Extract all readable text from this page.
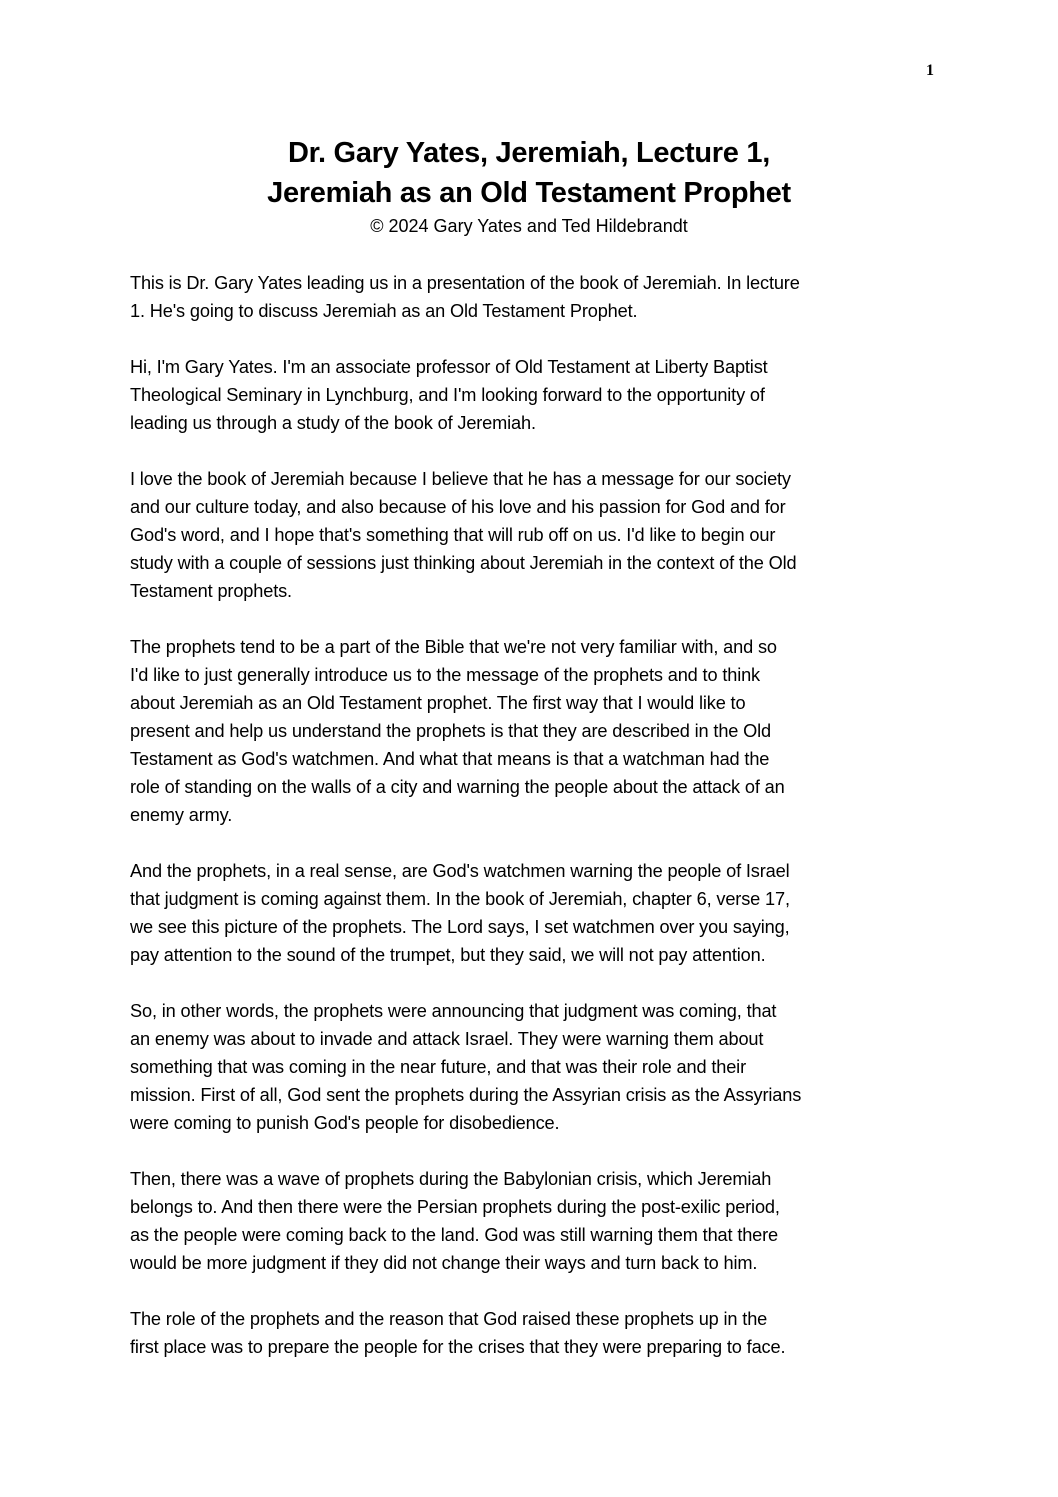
1
Dr. Gary Yates, Jeremiah, Lecture 1,
Jeremiah as an Old Testament Prophet
© 2024 Gary Yates and Ted Hildebrandt

This is Dr. Gary Yates leading us in a presentation of the book of Jeremiah. In lecture
1. He's going to discuss Jeremiah as an Old Testament Prophet.

Hi, I'm Gary Yates. I'm an associate professor of Old Testament at Liberty Baptist
Theological Seminary in Lynchburg, and I'm looking forward to the opportunity of
leading us through a study of the book of Jeremiah.

I love the book of Jeremiah because I believe that he has a message for our society
and our culture today, and also because of his love and his passion for God and for
God's word, and I hope that's something that will rub off on us. I'd like to begin our
study with a couple of sessions just thinking about Jeremiah in the context of the Old
Testament prophets.

The prophets tend to be a part of the Bible that we're not very familiar with, and so
I'd like to just generally introduce us to the message of the prophets and to think
about Jeremiah as an Old Testament prophet. The first way that I would like to
present and help us understand the prophets is that they are described in the Old
Testament as God's watchmen. And what that means is that a watchman had the
role of standing on the walls of a city and warning the people about the attack of an
enemy army.

And the prophets, in a real sense, are God's watchmen warning the people of Israel
that judgment is coming against them. In the book of Jeremiah, chapter 6, verse 17,
we see this picture of the prophets. The Lord says, I set watchmen over you saying,
pay attention to the sound of the trumpet, but they said, we will not pay attention.

So, in other words, the prophets were announcing that judgment was coming, that
an enemy was about to invade and attack Israel. They were warning them about
something that was coming in the near future, and that was their role and their
mission. First of all, God sent the prophets during the Assyrian crisis as the Assyrians
were coming to punish God's people for disobedience.

Then, there was a wave of prophets during the Babylonian crisis, which Jeremiah
belongs to. And then there were the Persian prophets during the post-exilic period,
as the people were coming back to the land. God was still warning them that there
would be more judgment if they did not change their ways and turn back to him.

The role of the prophets and the reason that God raised these prophets up in the
first place was to prepare the people for the crises that they were preparing to face.
